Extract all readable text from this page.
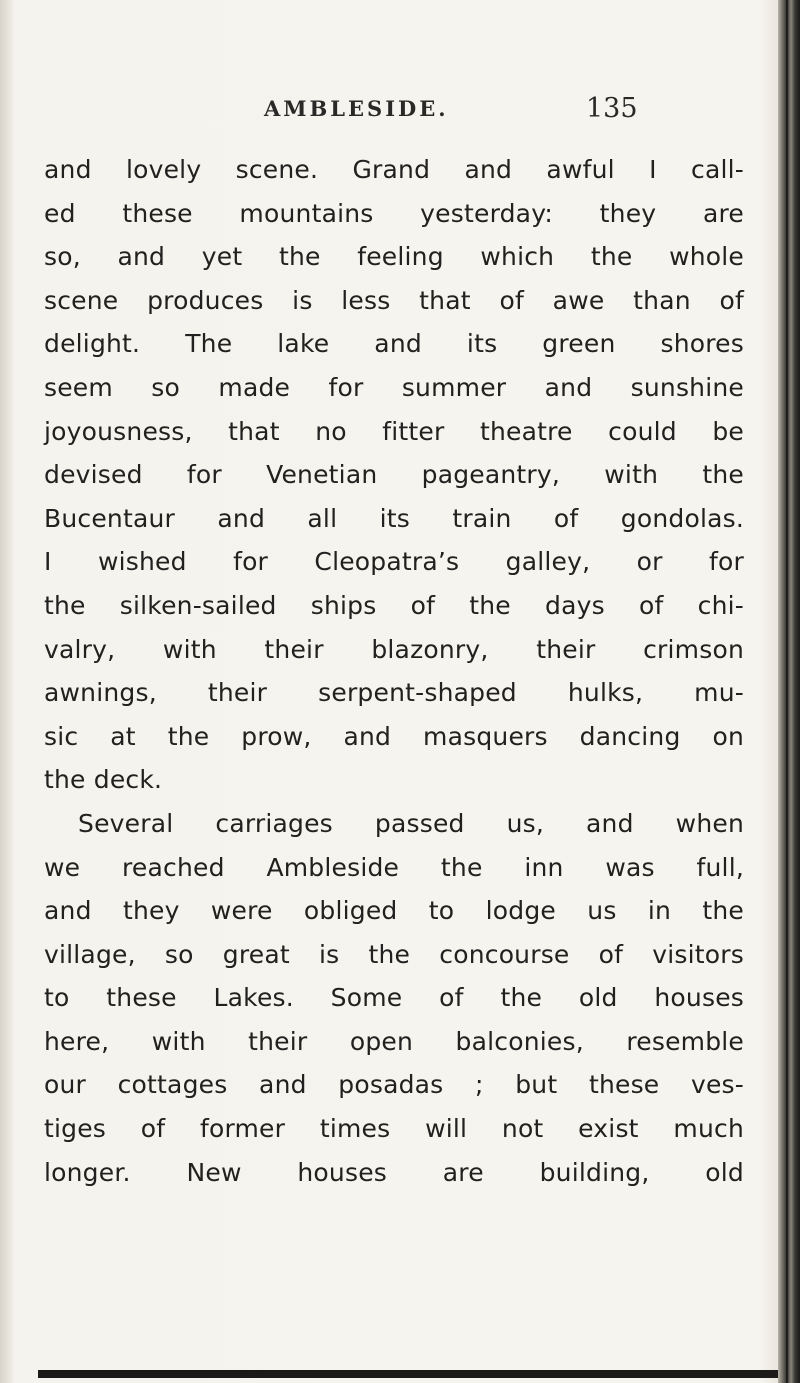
AMBLESIDE.	135
and lovely scene. Grand and awful I call-
ed these mountains yesterday: they are
so, and yet the feeling which the whole
scene produces is less that of awe than of
delight. The lake and its green shores
seem so made for summer and sunshine
joyousness, that no fitter theatre could be
devised for Venetian pageantry, with the
Bucentaur and all its train of gondolas.
I wished for Cleopatra’s galley, or for
the silken-sailed ships of the days of chi-
valry, with their blazonry, their crimson
awnings, their serpent-shaped hulks, mu-
sic at the prow, and masquers dancing on
the deck.
Several carriages passed us, and when
we reached Ambleside the inn was full,
and they were obliged to lodge us in the
village, so great is the concourse of visitors
to these Lakes. Some of the old houses
here, with their open balconies, resemble
our cottages and posadas ; but these ves-
tiges of former times will not exist much
longer. New houses are building, old
